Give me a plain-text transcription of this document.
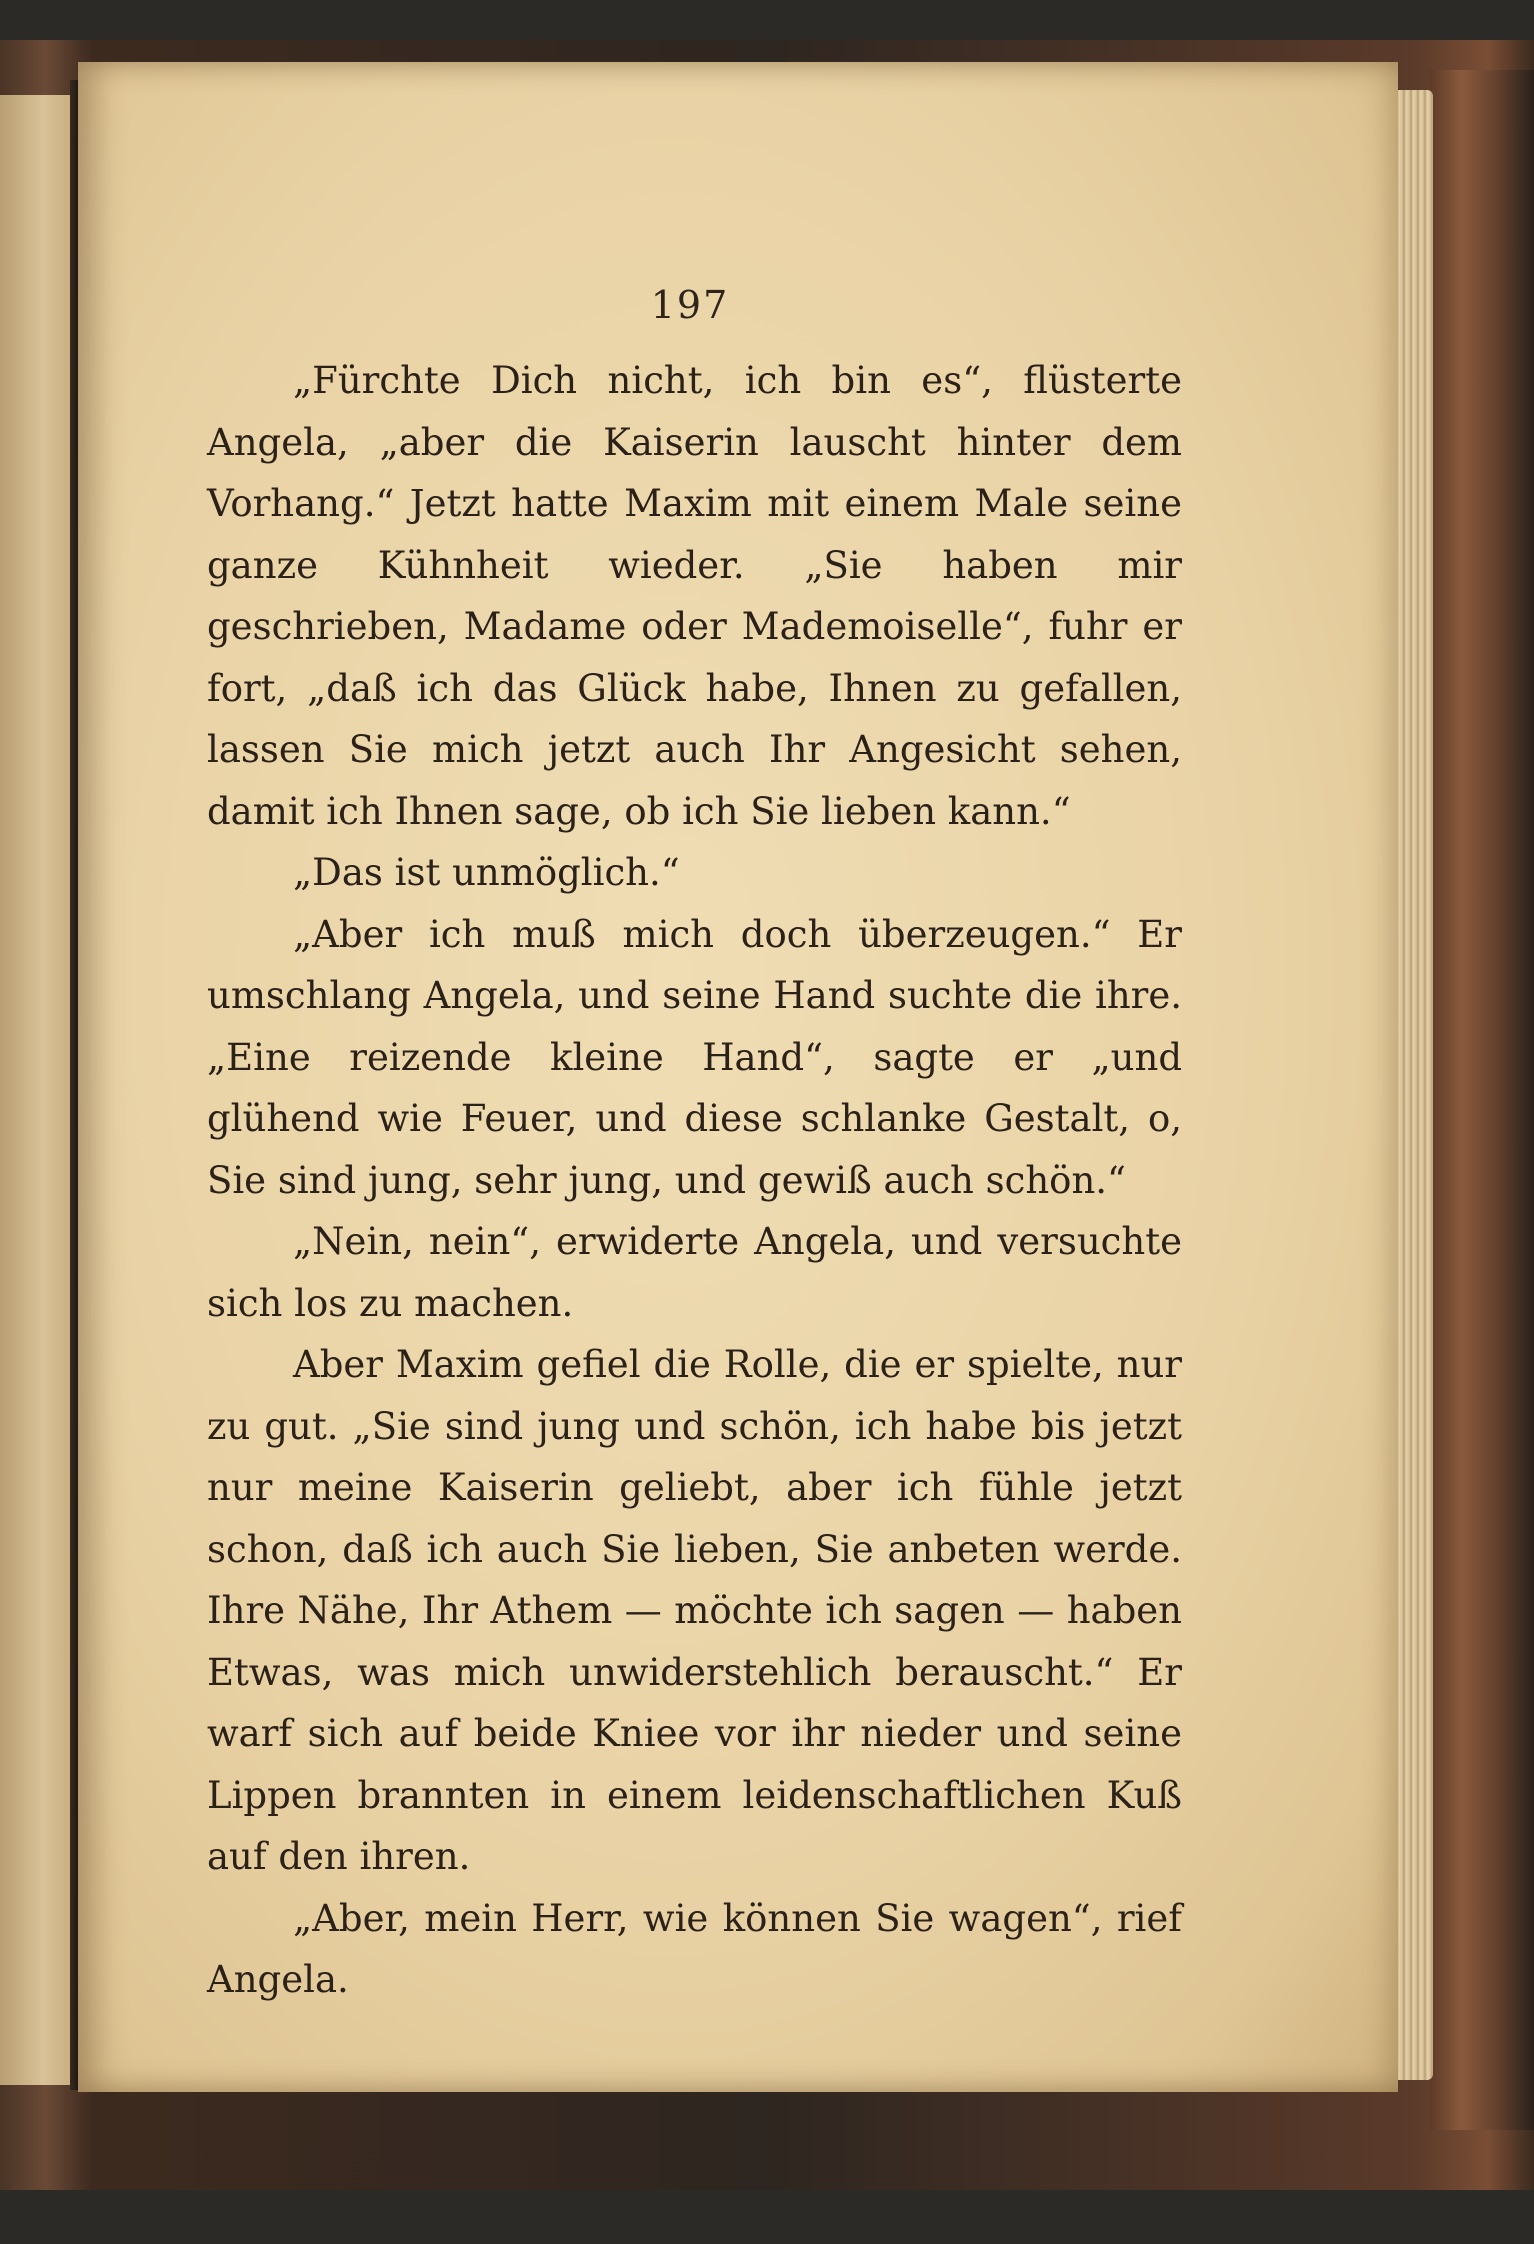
197

„Fürchte Dich nicht, ich bin es“, flüsterte Angela, „aber die Kaiserin lauscht hinter dem Vorhang.“ Jetzt hatte Maxim mit einem Male seine ganze Kühnheit wieder. „Sie haben mir geschrieben, Madame oder Mademoiselle“, fuhr er fort, „daß ich das Glück habe, Ihnen zu gefallen, lassen Sie mich jetzt auch Ihr Angesicht sehen, damit ich Ihnen sage, ob ich Sie lieben kann.“

„Das ist unmöglich.“

„Aber ich muß mich doch überzeugen.“ Er umschlang Angela, und seine Hand suchte die ihre. „Eine reizende kleine Hand“, sagte er „und glühend wie Feuer, und diese schlanke Gestalt, o, Sie sind jung, sehr jung, und gewiß auch schön.“

„Nein, nein“, erwiderte Angela, und versuchte sich los zu machen.

Aber Maxim gefiel die Rolle, die er spielte, nur zu gut. „Sie sind jung und schön, ich habe bis jetzt nur meine Kaiserin geliebt, aber ich fühle jetzt schon, daß ich auch Sie lieben, Sie anbeten werde. Ihre Nähe, Ihr Athem — möchte ich sagen — haben Etwas, was mich unwiderstehlich berauscht.“ Er warf sich auf beide Kniee vor ihr nieder und seine Lippen brannten in einem leidenschaftlichen Kuß auf den ihren.

„Aber, mein Herr, wie können Sie wagen“, rief Angela.
